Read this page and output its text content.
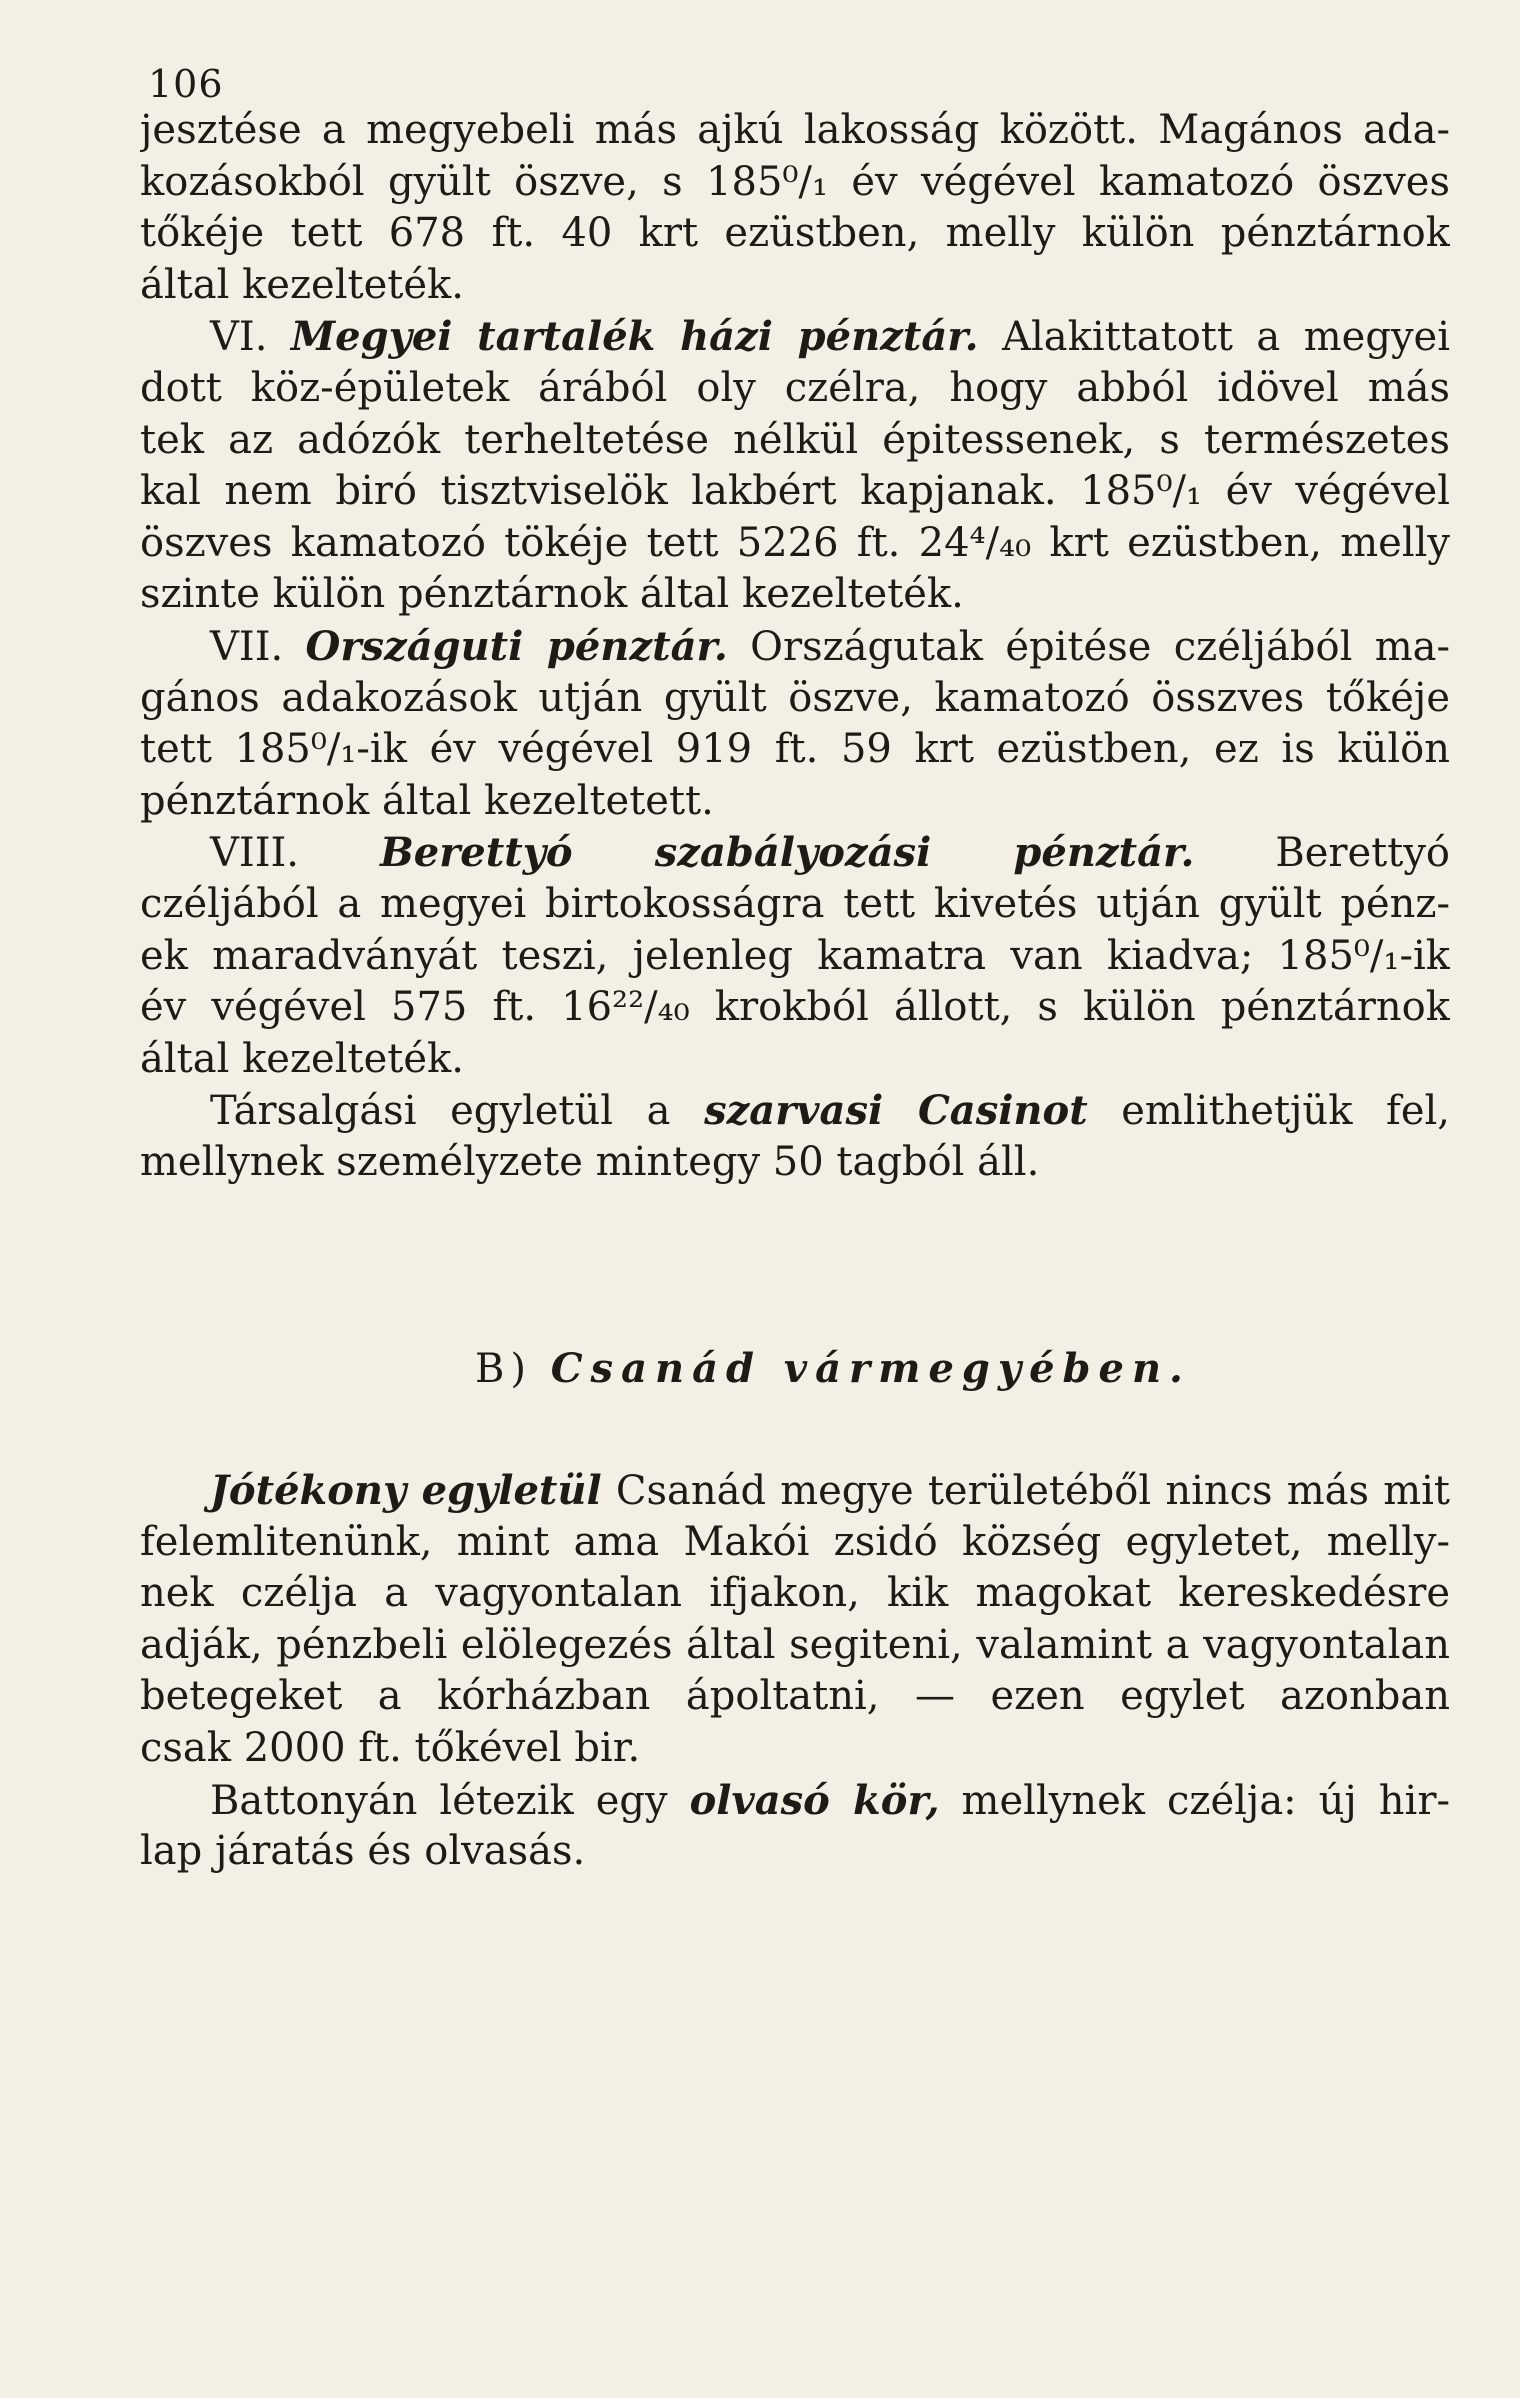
106
jesztése a megyebeli más ajkú lakosság között. Magános ada-
kozásokból gyült öszve, s 185⁰/₁ év végével kamatozó öszves
tőkéje tett 678 ft. 40 krt ezüstben, melly külön pénztárnok
által kezelteték.
VI. Megyei tartalék házi pénztár. Alakittatott a megyei
dott köz-épületek árából oly czélra, hogy abból idövel más
tek az adózók terheltetése nélkül épitessenek, s természetes
kal nem biró tisztviselök lakbért kapjanak. 185⁰/₁ év végével
öszves kamatozó tökéje tett 5226 ft. 24⁴/₄₀ krt ezüstben, melly
szinte külön pénztárnok által kezelteték.
VII. Országuti pénztár. Országutak épitése czéljából ma-
gános adakozások utján gyült öszve, kamatozó összves tőkéje
tett 185⁰/₁-ik év végével 919 ft. 59 krt ezüstben, ez is külön
pénztárnok által kezeltetett.
VIII. Berettyó szabályozási pénztár. Berettyó
czéljából a megyei birtokosságra tett kivetés utján gyült pénz-
ek maradványát teszi, jelenleg kamatra van kiadva; 185⁰/₁-ik
év végével 575 ft. 16²²/₄₀ krokból állott, s külön pénztárnok
által kezelteték.
Társalgási egyletül a szarvasi Casinot emlithetjük fel,
mellynek személyzete mintegy 50 tagból áll.
B) Csanád vármegyében.
Jótékony egyletül Csanád megye területéből nincs más mit
felemlitenünk, mint ama Makói zsidó község egyletet, melly-
nek czélja a vagyontalan ifjakon, kik magokat kereskedésre
adják, pénzbeli elölegezés által segiteni, valamint a vagyontalan
betegeket a kórházban ápoltatni, — ezen egylet azonban
csak 2000 ft. tőkével bir.
Battonyán létezik egy olvasó kör, mellynek czélja: új hir-
lap járatás és olvasás.
